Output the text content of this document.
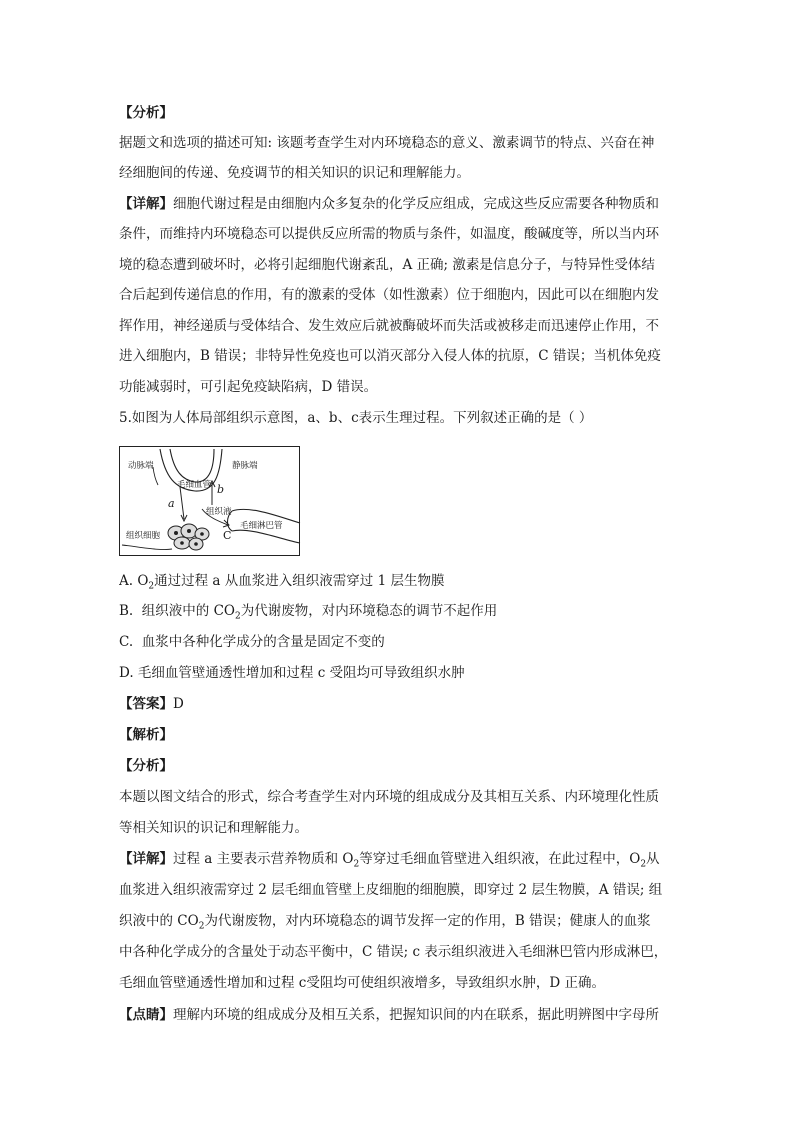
【分析】
据题文和选项的描述可知: 该题考查学生对内环境稳态的意义、激素调节的特点、兴奋在神
经细胞间的传递、免疫调节的相关知识的识记和理解能力。
【详解】细胞代谢过程是由细胞内众多复杂的化学反应组成，完成这些反应需要各种物质和
条件，而维持内环境稳态可以提供反应所需的物质与条件，如温度，酸碱度等，所以当内环
境的稳态遭到破坏时，必将引起细胞代谢紊乱，A 正确; 激素是信息分子，与特异性受体结
合后起到传递信息的作用，有的激素的受体（如性激素）位于细胞内，因此可以在细胞内发
挥作用，神经递质与受体结合、发生效应后就被酶破坏而失活或被移走而迅速停止作用，不
进入细胞内，B 错误；非特异性免疫也可以消灭部分入侵人体的抗原，C 错误；当机体免疫
功能减弱时，可引起免疫缺陷病，D 错误。
5.如图为人体局部组织示意图，a、b、c表示生理过程。下列叙述正确的是（ ）
动脉端	静脉端
毛细血管
组织液
毛细淋巴管
组织细胞
a
b
C
A. $O_2$通过过程 a 从血浆进入组织液需穿过 1 层生物膜
B.  组织液中的 $CO_2$为代谢废物，对内环境稳态的调节不起作用
C.  血浆中各种化学成分的含量是固定不变的
D. 毛细血管壁通透性增加和过程 c 受阻均可导致组织水肿
【答案】D
【解析】
【分析】
本题以图文结合的形式，综合考查学生对内环境的组成成分及其相互关系、内环境理化性质
等相关知识的识记和理解能力。
【详解】过程 a 主要表示营养物质和 $O_2$等穿过毛细血管壁进入组织液，在此过程中，$O_2$从
血浆进入组织液需穿过 2 层毛细血管壁上皮细胞的细胞膜，即穿过 2 层生物膜，A 错误; 组
织液中的 $CO_2$为代谢废物，对内环境稳态的调节发挥一定的作用，B 错误；健康人的血浆
中各种化学成分的含量处于动态平衡中，C 错误; c 表示组织液进入毛细淋巴管内形成淋巴，
毛细血管壁通透性增加和过程 c受阻均可使组织液增多，导致组织水肿，D 正确。
【点睛】理解内环境的组成成分及相互关系，把握知识间的内在联系，据此明辨图中字母所
